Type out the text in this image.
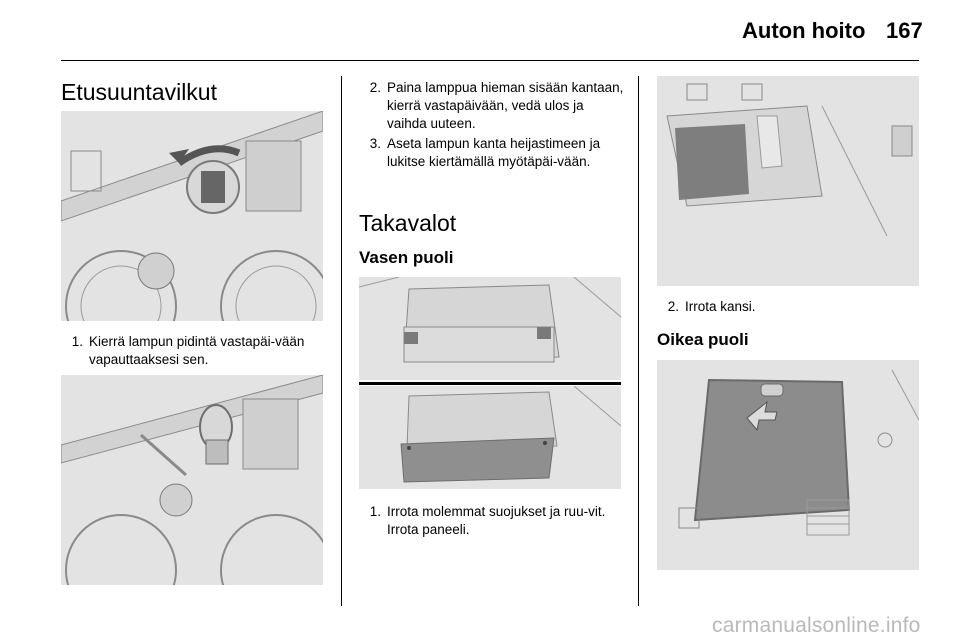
Auton hoito 167
Etusuuntavilkut
1. Kierrä lampun pidintä vastapäi-vään vapauttaaksesi sen.
2. Paina lamppua hieman sisään kantaan, kierrä vastapäivään, vedä ulos ja vaihda uuteen.
3. Aseta lampun kanta heijastimeen ja lukitse kiertämällä myötäpäi-vään.
Takavalot
Vasen puoli
1. Irrota molemmat suojukset ja ruu-vit. Irrota paneeli.
2. Irrota kansi.
Oikea puoli
carmanualsonline.info
